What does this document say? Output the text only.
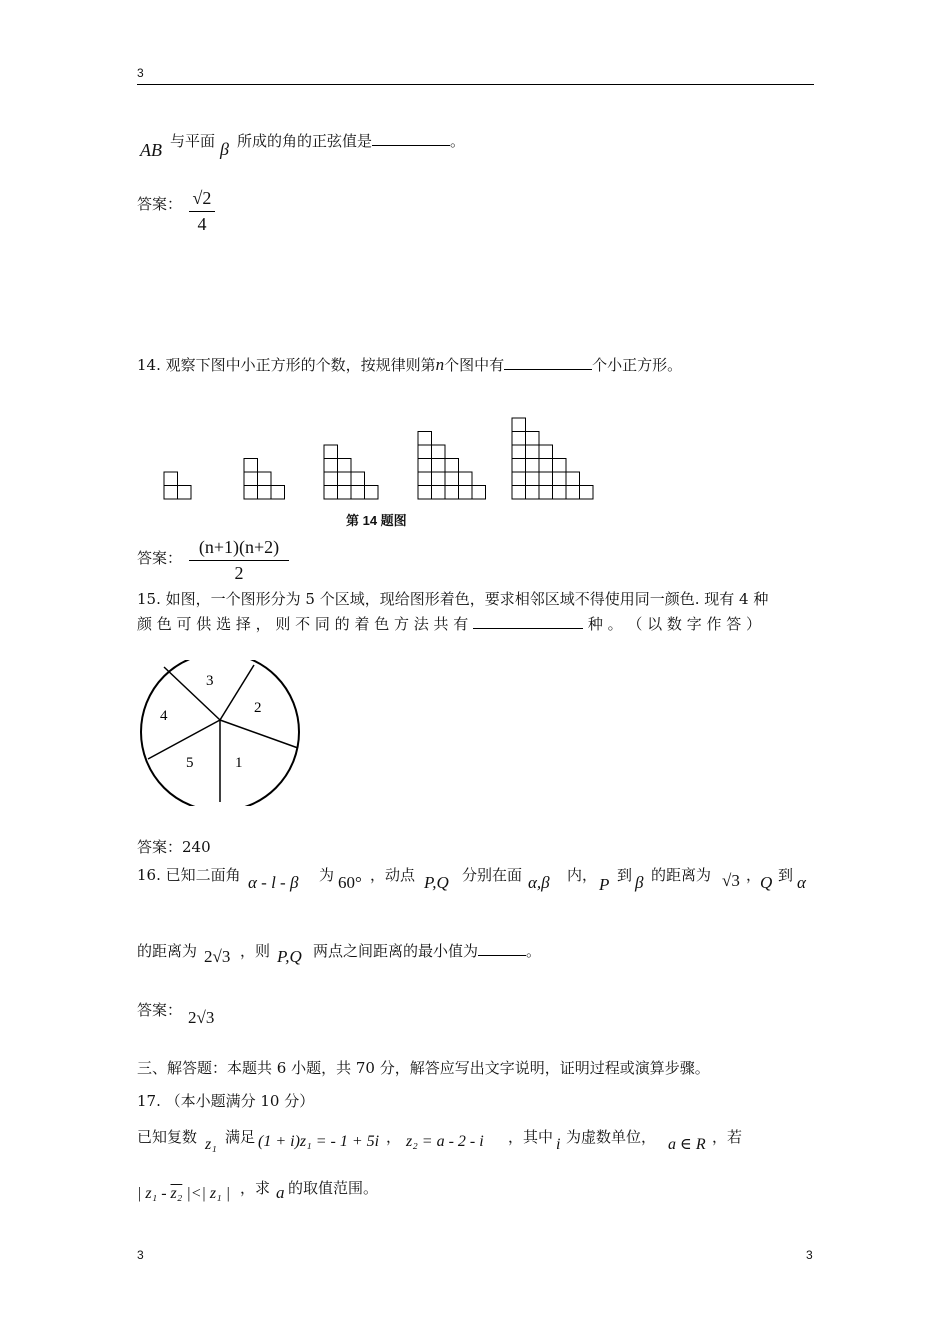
3
AB 与平面 β 所成的角的正弦值是	。
答案： √2
4
14. 观察下图中小正方形的个数，按规律则第n个图中有	个小正方形。
第 14 题图
答案：
(n+1)(n+2)
2
15. 如图，一个图形分为 5 个区域，现给图形着色，要求相邻区域不得使用同一颜色. 现有 4 种
颜 色 可 供 选 择 ， 则 不 同 的 着 色 方 法 共 有	种 。 （ 以 数 字 作 答 ）
3
2
4
5	1
答案：240
16. 已知二面角 α - l - β 为 60° ，动点 P,Q 分别在面 α,β 内， P 到 β 的距离为 √3 ，
Q 到 α
的距离为 2√3 ，则 P,Q 两点之间距离的最小值为	。
答案： 2√3
三、解答题：本题共 6 小题，共 70 分，解答应写出文字说明，证明过程或演算步骤。
17. （本小题满分 10 分）
已知复数 z₁ 满足 (1 + i)z₁ = - 1 + 5i ， z₂ = a - 2 - i ，其中 i 为虚数单位， a ∈ R ，若
| z₁ - z₂ |<| z₁ | ，求 a 的取值范围。
3	3
